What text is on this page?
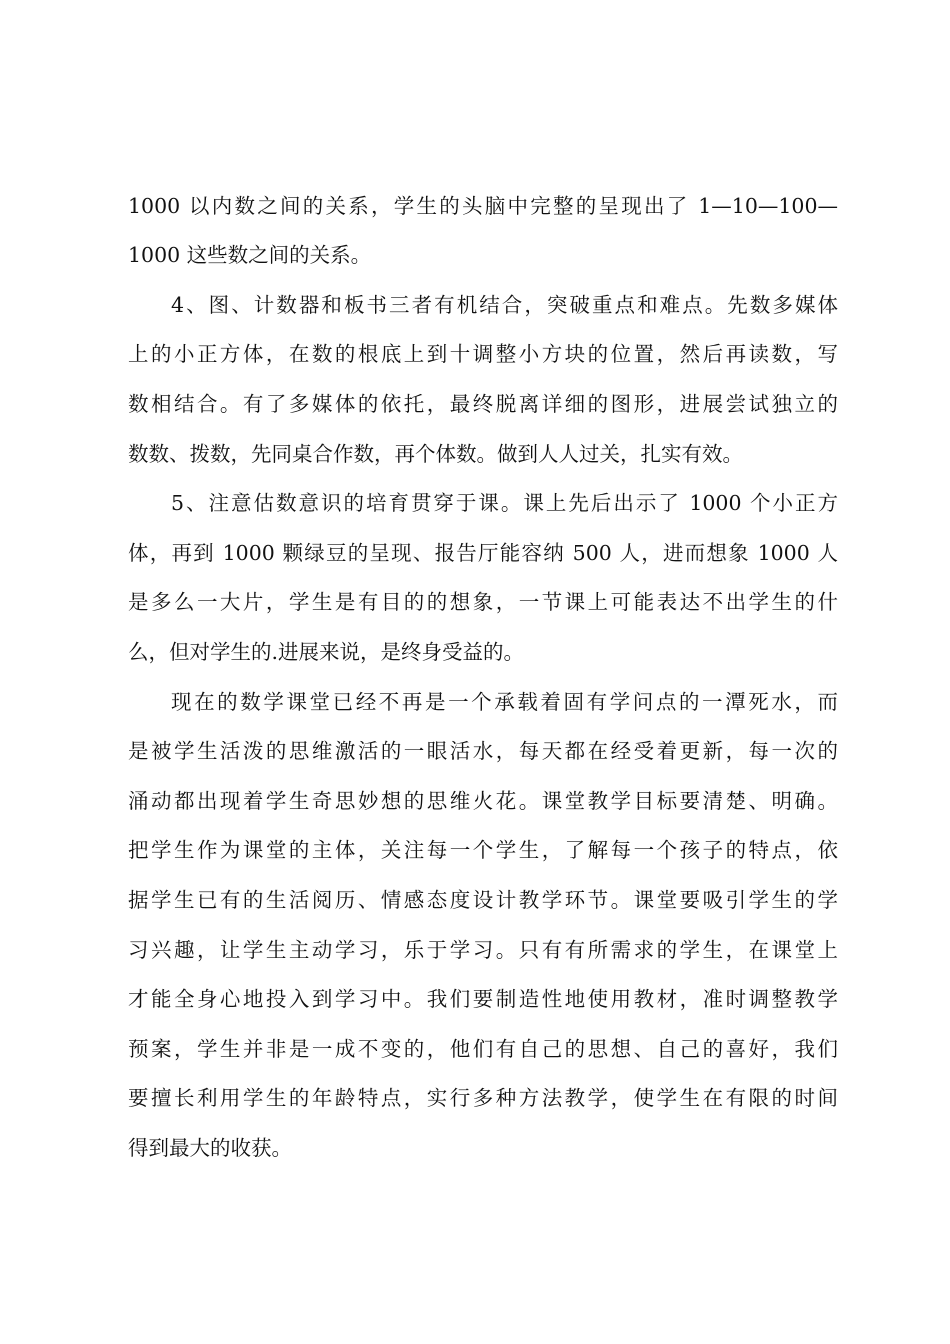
1000 以内数之间的关系，学生的头脑中完整的呈现出了 1—10—100—
1000 这些数之间的关系。
4、图、计数器和板书三者有机结合，突破重点和难点。先数多媒体
上的小正方体，在数的根底上到十调整小方块的位置，然后再读数，写
数相结合。有了多媒体的依托，最终脱离详细的图形，进展尝试独立的
数数、拨数，先同桌合作数，再个体数。做到人人过关，扎实有效。
5、注意估数意识的培育贯穿于课。课上先后出示了 1000 个小正方
体，再到 1000 颗绿豆的呈现、报告厅能容纳 500 人，进而想象 1000 人
是多么一大片，学生是有目的的想象，一节课上可能表达不出学生的什
么，但对学生的.进展来说，是终身受益的。
现在的数学课堂已经不再是一个承载着固有学问点的一潭死水，而
是被学生活泼的思维激活的一眼活水，每天都在经受着更新，每一次的
涌动都出现着学生奇思妙想的思维火花。课堂教学目标要清楚、明确。
把学生作为课堂的主体，关注每一个学生，了解每一个孩子的特点，依
据学生已有的生活阅历、情感态度设计教学环节。课堂要吸引学生的学
习兴趣，让学生主动学习，乐于学习。只有有所需求的学生，在课堂上
才能全身心地投入到学习中。我们要制造性地使用教材，准时调整教学
预案，学生并非是一成不变的，他们有自己的思想、自己的喜好，我们
要擅长利用学生的年龄特点，实行多种方法教学，使学生在有限的时间
得到最大的收获。
